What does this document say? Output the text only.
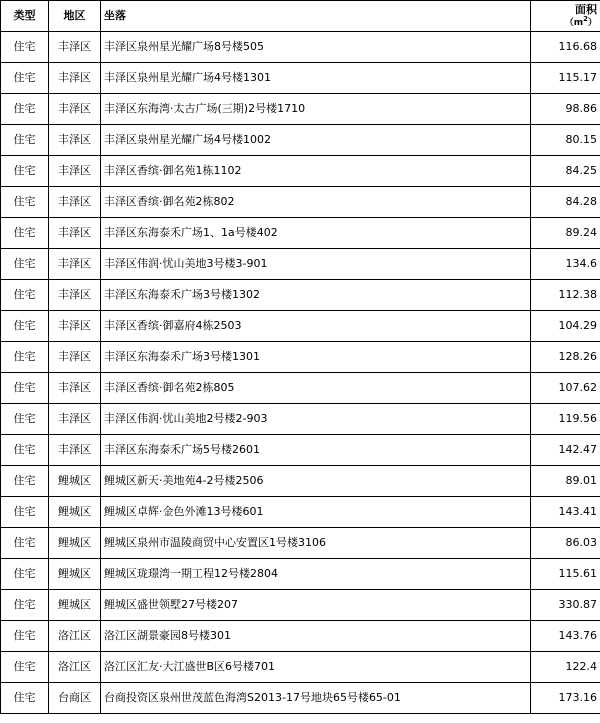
类型	地区	坐落	面积
$(m^2)$

住宅	丰泽区	丰泽区泉州星光耀广场8号楼505	116.68
住宅	丰泽区	丰泽区泉州星光耀广场4号楼1301	115.17
住宅	丰泽区	丰泽区东海湾·太古广场(三期)2号楼1710	98.86
住宅	丰泽区	丰泽区泉州星光耀广场4号楼1002	80.15
住宅	丰泽区	丰泽区香缤·御名苑1栋1102	84.25
住宅	丰泽区	丰泽区香缤·御名苑2栋802	84.28
住宅	丰泽区	丰泽区东海泰禾广场1、1a号楼402	89.24
住宅	丰泽区	丰泽区伟润·忧山美地3号楼3-901	134.6
住宅	丰泽区	丰泽区东海泰禾广场3号楼1302	112.38
住宅	丰泽区	丰泽区香缤·御嘉府4栋2503	104.29
住宅	丰泽区	丰泽区东海泰禾广场3号楼1301	128.26
住宅	丰泽区	丰泽区香缤·御名苑2栋805	107.62
住宅	丰泽区	丰泽区伟润·忧山美地2号楼2-903	119.56
住宅	丰泽区	丰泽区东海泰禾广场5号楼2601	142.47
住宅	鲤城区	鲤城区新天·美地苑4-2号楼2506	89.01
住宅	鲤城区	鲤城区卓辉·金色外滩13号楼601	143.41
住宅	鲤城区	鲤城区泉州市温陵商贸中心安置区1号楼3106	86.03
住宅	鲤城区	鲤城区珑璟湾一期工程12号楼2804	115.61
住宅	鲤城区	鲤城区盛世领墅27号楼207	330.87
住宅	洛江区	洛江区湖景豪园8号楼301	143.76
住宅	洛江区	洛江区汇友·大江盛世B区6号楼701	122.4
住宅	台商区	台商投资区泉州世茂蓝色海湾S2013-17号地块65号楼65-01	173.16
